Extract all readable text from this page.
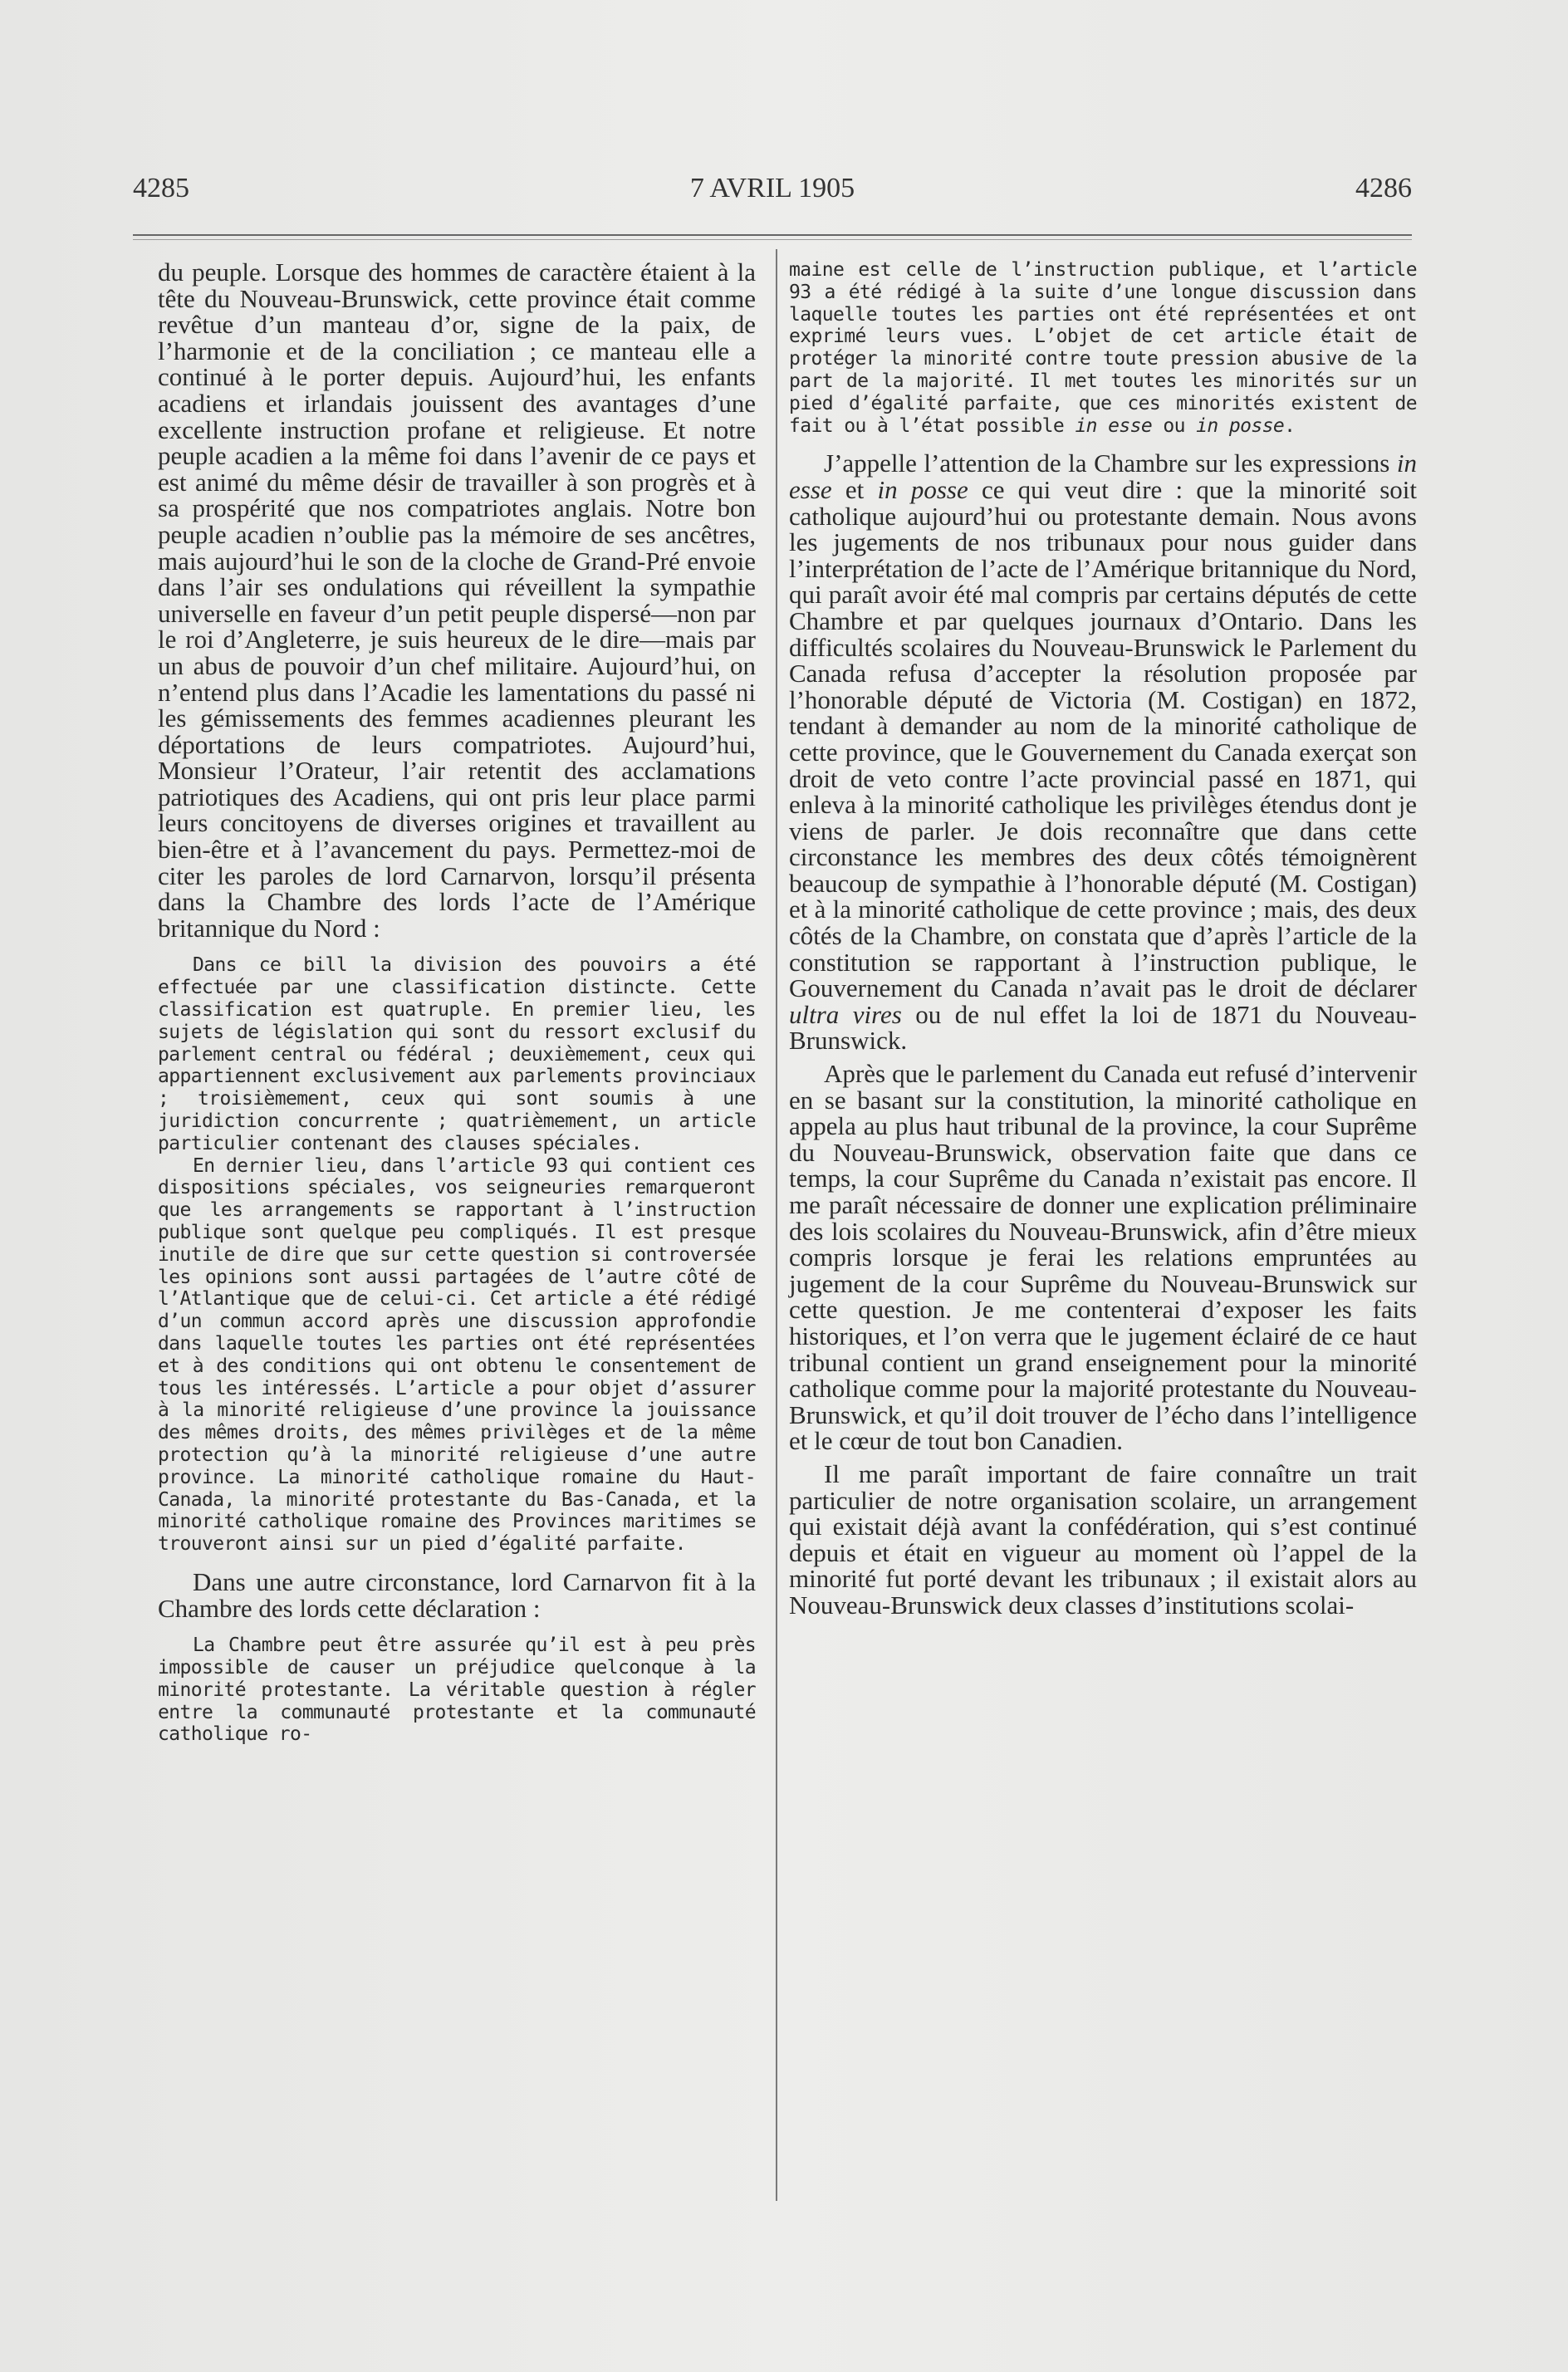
4285	7 AVRIL 1905	4286

du peuple. Lorsque des hommes de caractère étaient à la tête du Nouveau-Brunswick, cette province était comme revêtue d’un manteau d’or, signe de la paix, de l’harmonie et de la conciliation ; ce manteau elle a continué à le porter depuis. Aujourd’hui, les enfants acadiens et irlandais jouissent des avantages d’une excellente instruction profane et religieuse. Et notre peuple acadien a la même foi dans l’avenir de ce pays et est animé du même désir de travailler à son progrès et à sa prospérité que nos compatriotes anglais. Notre bon peuple acadien n’oublie pas la mémoire de ses ancêtres, mais aujourd’hui le son de la cloche de Grand-Pré envoie dans l’air ses ondulations qui réveillent la sympathie universelle en faveur d’un petit peuple dispersé—non par le roi d’Angleterre, je suis heureux de le dire—mais par un abus de pouvoir d’un chef militaire. Aujourd’hui, on n’entend plus dans l’Acadie les lamentations du passé ni les gémissements des femmes acadiennes pleurant les déportations de leurs compatriotes. Aujourd’hui, Monsieur l’Orateur, l’air retentit des acclamations patriotiques des Acadiens, qui ont pris leur place parmi leurs concitoyens de diverses origines et travaillent au bien-être et à l’avancement du pays. Permettez-moi de citer les paroles de lord Carnarvon, lorsqu’il présenta dans la Chambre des lords l’acte de l’Amérique britannique du Nord :

Dans ce bill la division des pouvoirs a été effectuée par une classification distincte. Cette classification est quatruple. En premier lieu, les sujets de législation qui sont du ressort exclusif du parlement central ou fédéral ; deuxièmement, ceux qui appartiennent exclusivement aux parlements provinciaux ; troisièmement, ceux qui sont soumis à une juridiction concurrente ; quatrièmement, un article particulier contenant des clauses spéciales.

En dernier lieu, dans l’article 93 qui contient ces dispositions spéciales, vos seigneuries remarqueront que les arrangements se rapportant à l’instruction publique sont quelque peu compliqués. Il est presque inutile de dire que sur cette question si controversée les opinions sont aussi partagées de l’autre côté de l’Atlantique que de celui-ci. Cet article a été rédigé d’un commun accord après une discussion approfondie dans laquelle toutes les parties ont été représentées et à des conditions qui ont obtenu le consentement de tous les intéressés. L’article a pour objet d’assurer à la minorité religieuse d’une province la jouissance des mêmes droits, des mêmes privilèges et de la même protection qu’à la minorité religieuse d’une autre province. La minorité catholique romaine du Haut-Canada, la minorité protestante du Bas-Canada, et la minorité catholique romaine des Provinces maritimes se trouveront ainsi sur un pied d’égalité parfaite.

Dans une autre circonstance, lord Carnarvon fit à la Chambre des lords cette déclaration :

La Chambre peut être assurée qu’il est à peu près impossible de causer un préjudice quelconque à la minorité protestante. La véritable question à régler entre la communauté protestante et la communauté catholique ro-

maine est celle de l’instruction publique, et l’article 93 a été rédigé à la suite d’une longue discussion dans laquelle toutes les parties ont été représentées et ont exprimé leurs vues. L’objet de cet article était de protéger la minorité contre toute pression abusive de la part de la majorité. Il met toutes les minorités sur un pied d’égalité parfaite, que ces minorités existent de fait ou à l’état possible in esse ou in posse.

J’appelle l’attention de la Chambre sur les expressions in esse et in posse ce qui veut dire : que la minorité soit catholique aujourd’hui ou protestante demain. Nous avons les jugements de nos tribunaux pour nous guider dans l’interprétation de l’acte de l’Amérique britannique du Nord, qui paraît avoir été mal compris par certains députés de cette Chambre et par quelques journaux d’Ontario. Dans les difficultés scolaires du Nouveau-Brunswick le Parlement du Canada refusa d’accepter la résolution proposée par l’honorable député de Victoria (M. Costigan) en 1872, tendant à demander au nom de la minorité catholique de cette province, que le Gouvernement du Canada exerçat son droit de veto contre l’acte provincial passé en 1871, qui enleva à la minorité catholique les privilèges étendus dont je viens de parler. Je dois reconnaître que dans cette circonstance les membres des deux côtés témoignèrent beaucoup de sympathie à l’honorable député (M. Costigan) et à la minorité catholique de cette province ; mais, des deux côtés de la Chambre, on constata que d’après l’article de la constitution se rapportant à l’instruction publique, le Gouvernement du Canada n’avait pas le droit de déclarer ultra vires ou de nul effet la loi de 1871 du Nouveau-Brunswick.

Après que le parlement du Canada eut refusé d’intervenir en se basant sur la constitution, la minorité catholique en appela au plus haut tribunal de la province, la cour Suprême du Nouveau-Brunswick, observation faite que dans ce temps, la cour Suprême du Canada n’existait pas encore. Il me paraît nécessaire de donner une explication préliminaire des lois scolaires du Nouveau-Brunswick, afin d’être mieux compris lorsque je ferai les relations empruntées au jugement de la cour Suprême du Nouveau-Brunswick sur cette question. Je me contenterai d’exposer les faits historiques, et l’on verra que le jugement éclairé de ce haut tribunal contient un grand enseignement pour la minorité catholique comme pour la majorité protestante du Nouveau-Brunswick, et qu’il doit trouver de l’écho dans l’intelligence et le cœur de tout bon Canadien.

Il me paraît important de faire connaître un trait particulier de notre organisation scolaire, un arrangement qui existait déjà avant la confédération, qui s’est continué depuis et était en vigueur au moment où l’appel de la minorité fut porté devant les tribunaux ; il existait alors au Nouveau-Brunswick deux classes d’institutions scolai-
